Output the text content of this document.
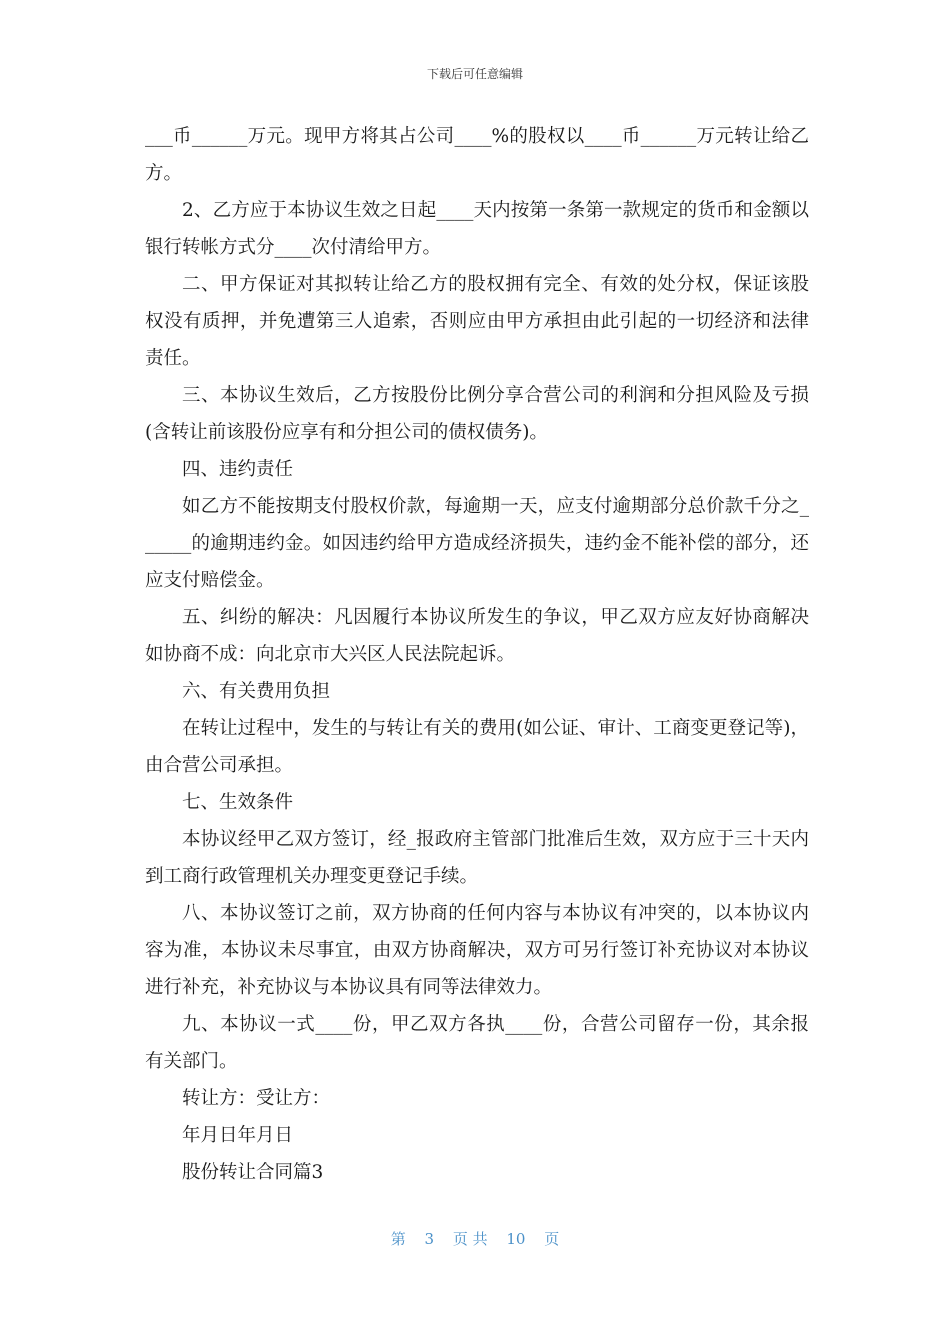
下载后可任意编辑

___币______万元。现甲方将其占公司____%的股权以____币______万元转让给乙方。

2、乙方应于本协议生效之日起____天内按第一条第一款规定的货币和金额以银行转帐方式分____次付清给甲方。

二、甲方保证对其拟转让给乙方的股权拥有完全、有效的处分权，保证该股权没有质押，并免遭第三人追索，否则应由甲方承担由此引起的一切经济和法律责任。

三、本协议生效后，乙方按股份比例分享合营公司的利润和分担风险及亏损(含转让前该股份应享有和分担公司的债权债务)。

四、违约责任

如乙方不能按期支付股权价款，每逾期一天，应支付逾期部分总价款千分之______的逾期违约金。如因违约给甲方造成经济损失，违约金不能补偿的部分，还应支付赔偿金。

五、纠纷的解决：凡因履行本协议所发生的争议，甲乙双方应友好协商解决如协商不成：向北京市大兴区人民法院起诉。

六、有关费用负担

在转让过程中，发生的与转让有关的费用(如公证、审计、工商变更登记等)，由合营公司承担。

七、生效条件

本协议经甲乙双方签订，经_报政府主管部门批准后生效，双方应于三十天内到工商行政管理机关办理变更登记手续。

八、本协议签订之前，双方协商的任何内容与本协议有冲突的，以本协议内容为准，本协议未尽事宜，由双方协商解决，双方可另行签订补充协议对本协议进行补充，补充协议与本协议具有同等法律效力。

九、本协议一式____份，甲乙双方各执____份，合营公司留存一份，其余报有关部门。

转让方：受让方：

年月日年月日

股份转让合同篇3

第 3 页 共 10 页
